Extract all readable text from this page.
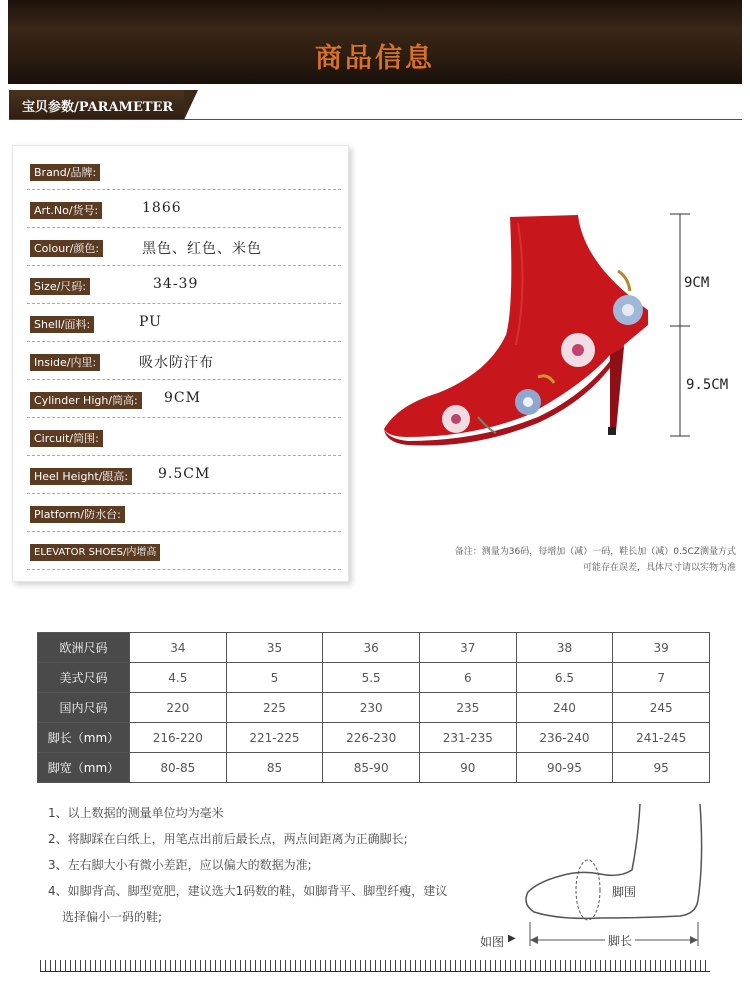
商品信息
宝贝参数/PARAMETER
Brand/品牌:
Art.No/货号:	1866
Colour/颜色:	黑色、红色、米色
Size/尺码:	34-39
Shell/面料:	PU
Inside/内里:	吸水防汗布
Cylinder High/筒高: 9CM
Circuit/筒围:
Heel Height/跟高: 9.5CM
Platform/防水台:
ELEVATOR SHOES/内增高
9CM
9.5CM
备注：测量为36码，每增加（减）一码，鞋长加（减）0.5CZ测量方式
可能存在误差，具体尺寸请以实物为准
欧洲尺码	34	35	36	37	38	39
美式尺码	4.5	5	5.5	6	6.5	7
国内尺码	220	225	230	235	240	245
脚长（mm）	216-220	221-225	226-230	231-235	236-240	241-245
脚宽（mm）	80-85	85	85-90	90	90-95	95
1、以上数据的测量单位均为毫米
2、将脚踩在白纸上，用笔点出前后最长点，两点间距离为正确脚长;
3、左右脚大小有微小差距，应以偏大的数据为准;
4、如脚背高、脚型宽肥，建议选大1码数的鞋，如脚背平、脚型纤瘦，建议
选择偏小一码的鞋;
脚围
如图 ▶	脚长
